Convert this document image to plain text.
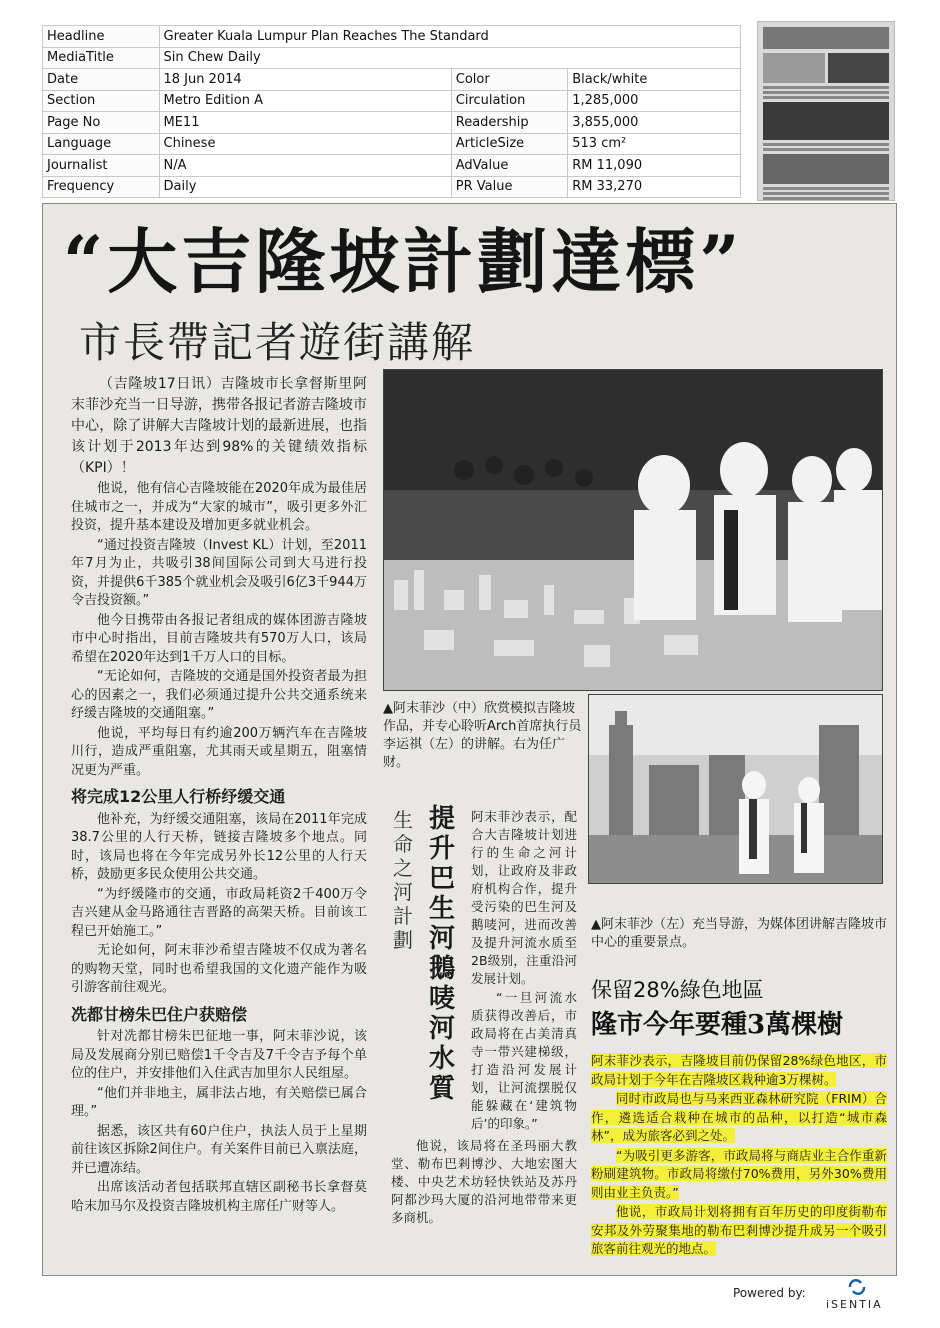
Headline	Greater Kuala Lumpur Plan Reaches The Standard		
MediaTitle	Sin Chew Daily		
Date	18 Jun 2014	Color	Black/white
Section	Metro Edition A	Circulation	1,285,000
Page No	ME11	Readership	3,855,000
Language	Chinese	ArticleSize	513 cm²
Journalist	N/A	AdValue	RM 11,090
Frequency	Daily	PR Value	RM 33,270
“大吉隆坡計劃達標”
市長帶記者遊街講解

（吉隆坡17日讯）吉隆坡市长拿督斯里阿末菲沙充当一日导游，携带各报记者游吉隆坡市中心，除了讲解大吉隆坡计划的最新进展，也指该计划于2013年达到98%的关键绩效指标（KPI）！

他说，他有信心吉隆坡能在2020年成为最佳居住城市之一，并成为“大家的城市”，吸引更多外汇投资，提升基本建设及增加更多就业机会。

“通过投资吉隆坡（Invest KL）计划，至2011年7月为止，共吸引38间国际公司到大马进行投资，并提供6千385个就业机会及吸引6亿3千944万令吉投资额。”

他今日携带由各报记者组成的媒体团游吉隆坡市中心时指出，目前吉隆坡共有570万人口，该局希望在2020年达到1千万人口的目标。

“无论如何，吉隆坡的交通是国外投资者最为担心的因素之一，我们必须通过提升公共交通系统来纾缓吉隆坡的交通阻塞。”

他说，平均每日有约逾200万辆汽车在吉隆坡川行，造成严重阻塞，尤其雨天或星期五，阻塞情况更为严重。

将完成12公里人行桥纾缓交通

他补充，为纾缓交通阻塞，该局在2011年完成38.7公里的人行天桥，链接吉隆坡多个地点。同时，该局也将在今年完成另外长12公里的人行天桥，鼓励更多民众使用公共交通。

“为纾缓隆市的交通，市政局耗资2千400万令吉兴建从金马路通往吉晋路的高架天桥。目前该工程已开始施工。”

无论如何，阿末菲沙希望吉隆坡不仅成为著名的购物天堂，同时也希望我国的文化遗产能作为吸引游客前往观光。

冼都甘榜朱巴住户获赔偿

针对冼都甘榜朱巴征地一事，阿末菲沙说，该局及发展商分别已赔偿1千令吉及7千令吉予每个单位的住户，并安排他们入住武吉加里尔人民组屋。

“他们并非地主，属非法占地，有关赔偿已属合理。”

据悉，该区共有60户住户，执法人员于上星期前往该区拆除2间住户。有关案件目前已入禀法庭，并已遭冻结。

出席该活动者包括联邦直辖区副秘书长拿督莫哈末加马尔及投资吉隆坡机构主席任广财等人。

▲阿末菲沙（中）欣赏模拟吉隆坡作品，并专心聆听Arch首席执行员李运祺（左）的讲解。右为任广财。
▲阿末菲沙（左）充当导游，为媒体团讲解吉隆坡市中心的重要景点。
生命之河計劃
提升巴生河鵝唛河水質

阿末菲沙表示，配合大吉隆坡计划进行的生命之河计划，让政府及非政府机构合作，提升受污染的巴生河及鹅唛河，进而改善及提升河流水质至2B级别，注重沿河发展计划。

“一旦河流水质获得改善后，市政局将在占美清真寺一带兴建梯级，打造沿河发展计划，让河流摆脱仅能躲藏在‘建筑物后’的印象。”

他说，该局将在圣玛丽大教堂、勒布巴剎博沙、大地宏图大楼、中央艺术坊轻快铁站及苏丹阿都沙玛大厦的沿河地带带来更多商机。

保留28%綠色地區
隆市今年要種3萬棵樹

阿末菲沙表示，吉隆坡目前仍保留28%绿色地区，市政局计划于今年在吉隆坡区栽种逾3万棵树。

同时市政局也与马来西亚森林研究院（FRIM）合作，遴选适合栽种在城市的品种，以打造“城市森林”，成为旅客必到之处。

“为吸引更多游客，市政局将与商店业主合作重新粉刷建筑物。市政局将缴付70%费用，另外30%费用则由业主负责。”

他说，市政局计划将拥有百年历史的印度街勒布安邦及外劳聚集地的勒布巴剎博沙提升成另一个吸引旅客前往观光的地点。

Powered by:
iSENTIA
